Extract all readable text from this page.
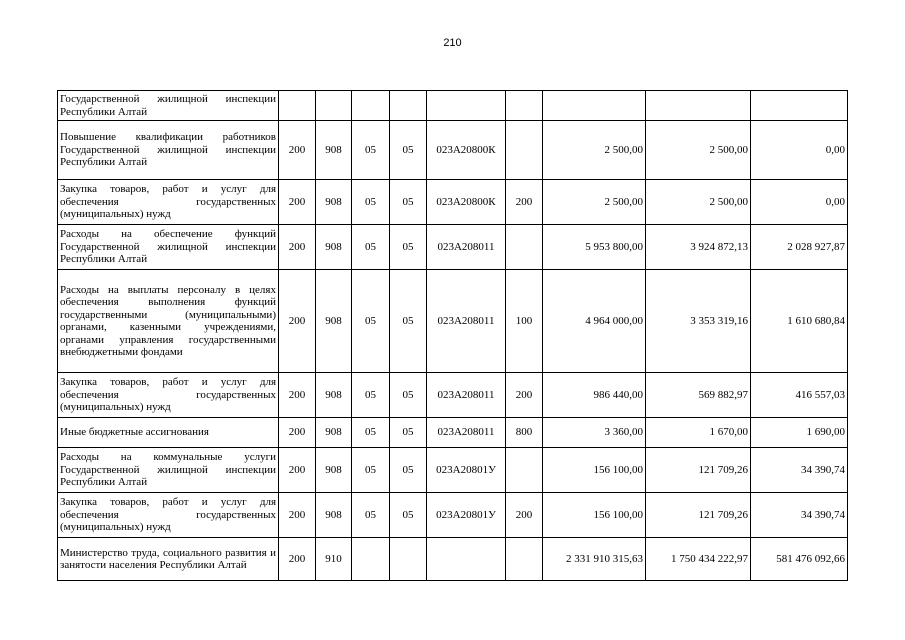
210
Государственной жилищной инспекции Республики Алтай									
Повышение квалификации работников Государственной жилищной инспекции Республики Алтай	200	908	05	05	023А20800К		2 500,00	2 500,00	0,00
Закупка товаров, работ и услуг для обеспечения государственных (муниципальных) нужд	200	908	05	05	023А20800К	200	2 500,00	2 500,00	0,00
Расходы на обеспечение функций Государственной жилищной инспекции Республики Алтай	200	908	05	05	023А208011		5 953 800,00	3 924 872,13	2 028 927,87
Расходы на выплаты персоналу в целях обеспечения выполнения функций государственными (муниципальными) органами, казенными учреждениями, органами управления государственными внебюджетными фондами	200	908	05	05	023А208011	100	4 964 000,00	3 353 319,16	1 610 680,84
Закупка товаров, работ и услуг для обеспечения государственных (муниципальных) нужд	200	908	05	05	023А208011	200	986 440,00	569 882,97	416 557,03
Иные бюджетные ассигнования	200	908	05	05	023А208011	800	3 360,00	1 670,00	1 690,00
Расходы на коммунальные услуги Государственной жилищной инспекции Республики Алтай	200	908	05	05	023А20801У		156 100,00	121 709,26	34 390,74
Закупка товаров, работ и услуг для обеспечения государственных (муниципальных) нужд	200	908	05	05	023А20801У	200	156 100,00	121 709,26	34 390,74
Министерство труда, социального развития и занятости населения Республики Алтай	200	910					2 331 910 315,63	1 750 434 222,97	581 476 092,66
